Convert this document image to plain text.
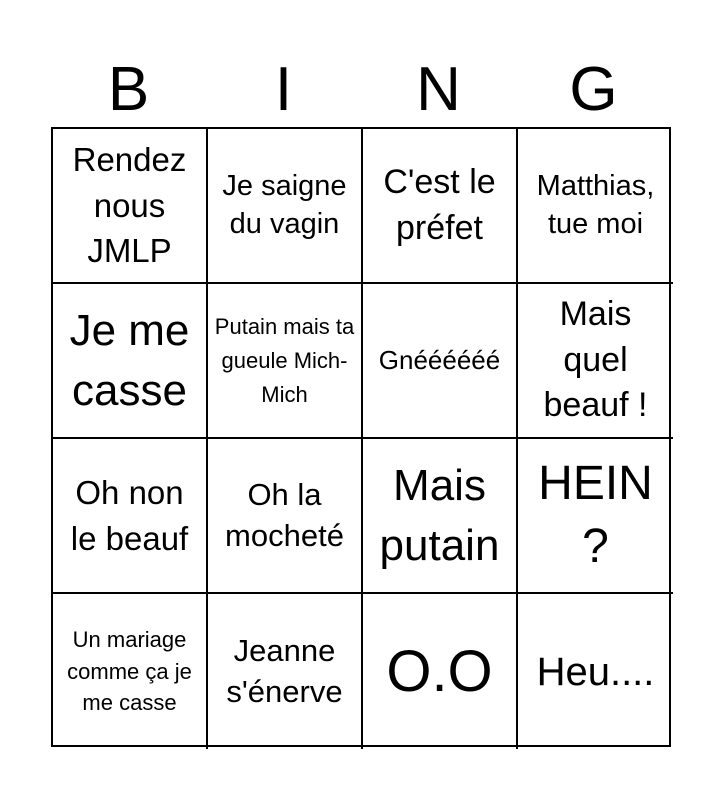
B	I	N	G
Rendez nous JMLP
Je saigne du vagin
C'est le préfet
Matthias, tue moi
Je me casse
Putain mais ta gueule Mich-Mich
Gnéééééé
Mais quel beauf !
Oh non le beauf
Oh la mocheté
Mais putain
HEIN ?
Un mariage comme ça je me casse
Jeanne s'énerve O.O	Heu....
